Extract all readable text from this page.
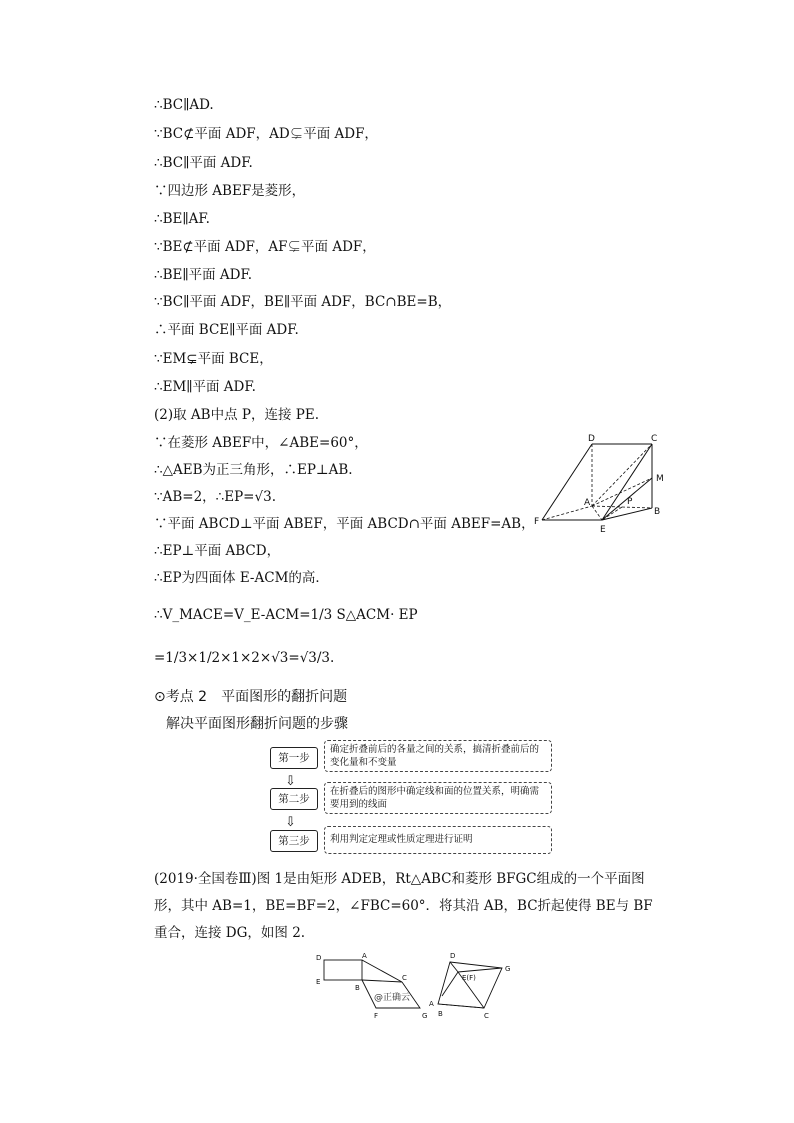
∴BC∥AD.
∵BC⊄平面 ADF，AD⊊平面 ADF，
∴BC∥平面 ADF.
∵四边形 ABEF是菱形，
∴BE∥AF.
∵BE⊄平面 ADF，AF⊊平面 ADF，
∴BE∥平面 ADF.
∵BC∥平面 ADF，BE∥平面 ADF，BC∩BE=B，
∴平面 BCE∥平面 ADF.
∵EM⊊平面 BCE，
∴EM∥平面 ADF.
(2)取 AB中点 P，连接 PE.
∵在菱形 ABEF中，∠ABE=60°，
∴△AEB为正三角形，∴EP⊥AB.
∵AB=2，∴EP=√3.
∵平面 ABCD⊥平面 ABEF，平面 ABCD∩平面 ABEF=AB，
∴EP⊥平面 ABCD，
∴EP为四面体 E-ACM的高．
∴V_MACE=V_E-ACM=1/3 S△ACM· EP
=1/3×1/2×1×2×√3=√3/3.
D	C
M
A	P
B
F
E
⊙考点 2　平面图形的翻折问题
解决平面图形翻折问题的步骤
第一步
确定折叠前后的各量之间的关系，搞清折叠前后的变化量和不变量
⇩
第二步
在折叠后的图形中确定线和面的位置关系，明确需要用到的线面
⇩
第三步	利用判定定理或性质定理进行证明
(2019·全国卷Ⅲ)图 1是由矩形 ADEB，Rt△ABC和菱形 BFGC组成的一个平面图形，其中 AB=1，BE=BF=2，∠FBC=60°．将其沿 AB，BC折起使得 BE与 BF重合，连接 DG，如图 2.
D	A
E
B
C
F	G
@正确云
D
G
E(F)
A
B	C
